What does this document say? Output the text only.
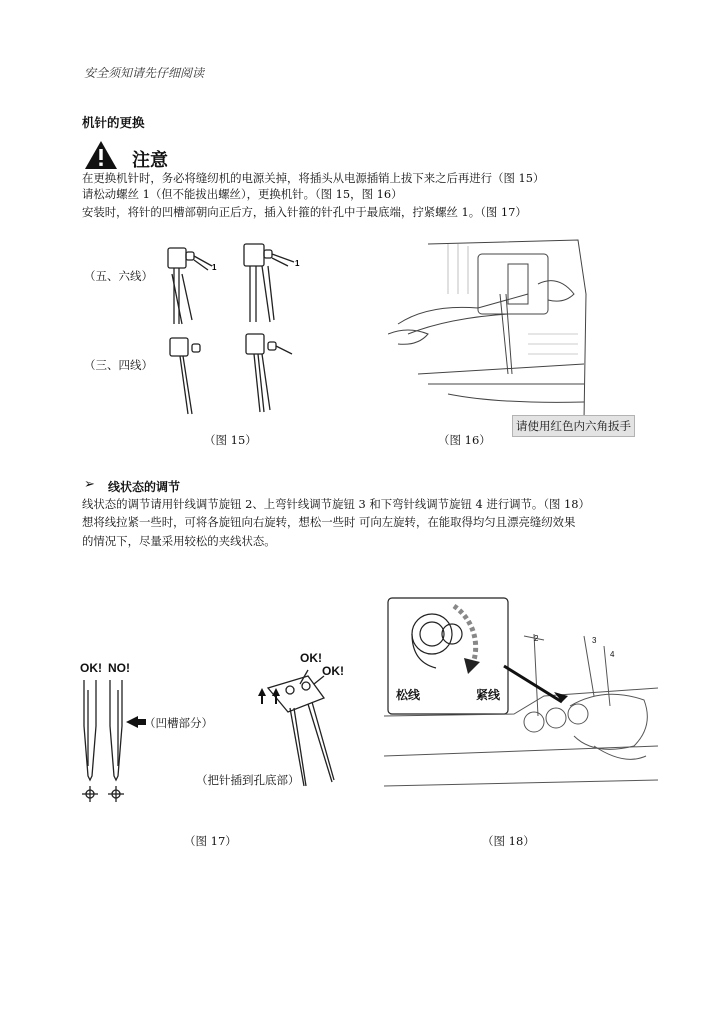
安全须知请先仔细阅读
机针的更换
注意
在更换机针时，务必将缝纫机的电源关掉，将插头从电源插销上拔下来之后再进行（图 15）
请松动螺丝 1（但不能拔出螺丝），更换机针。（图 15，图 16）
安装时，将针的凹槽部朝向正后方，插入针箍的针孔中于最底端，拧紧螺丝 1。（图 17）
（五、六线）
（三、四线）
1	1
（图 15）
请使用红色内六角扳手
（图 16）
➢ 线状态的调节
线状态的调节请用针线调节旋钮 2、上弯针线调节旋钮 3 和下弯针线调节旋钮 4 进行调节。（图 18）
想将线拉紧一些时，可将各旋钮向右旋转，想松一些时 可向左旋转，在能取得均匀且漂亮缝纫效果
的情况下，尽量采用较松的夹线状态。
OK! NO!
（凹槽部分）
OK!
OK!
（把针插到孔底部）
（图 17）
松线	紧线
2	3
4
（图 18）
